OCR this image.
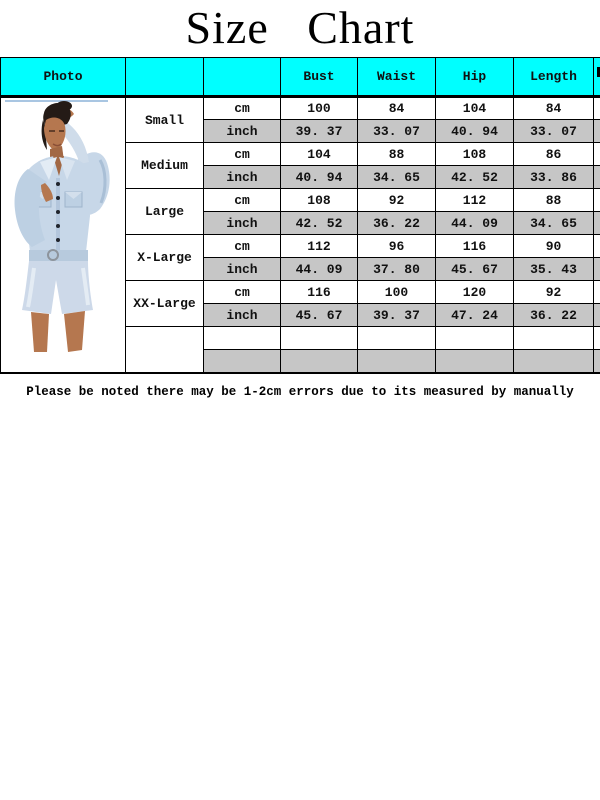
Size Chart
Photo			Bust	Waist	Hip	Length	
	Small	cm	100	84	104	84	
		inch	39. 37	33. 07	40. 94	33. 07	
	Medium	cm	104	88	108	86	
		inch	40. 94	34. 65	42. 52	33. 86	
	Large	cm	108	92	112	88	
		inch	42. 52	36. 22	44. 09	34. 65	
	X-Large	cm	112	96	116	90	
		inch	44. 09	37. 80	45. 67	35. 43	
	XX-Large	cm	116	100	120	92	
		inch	45. 67	39. 37	47. 24	36. 22	

Please be noted there may be 1-2cm errors due to its measured by manually
